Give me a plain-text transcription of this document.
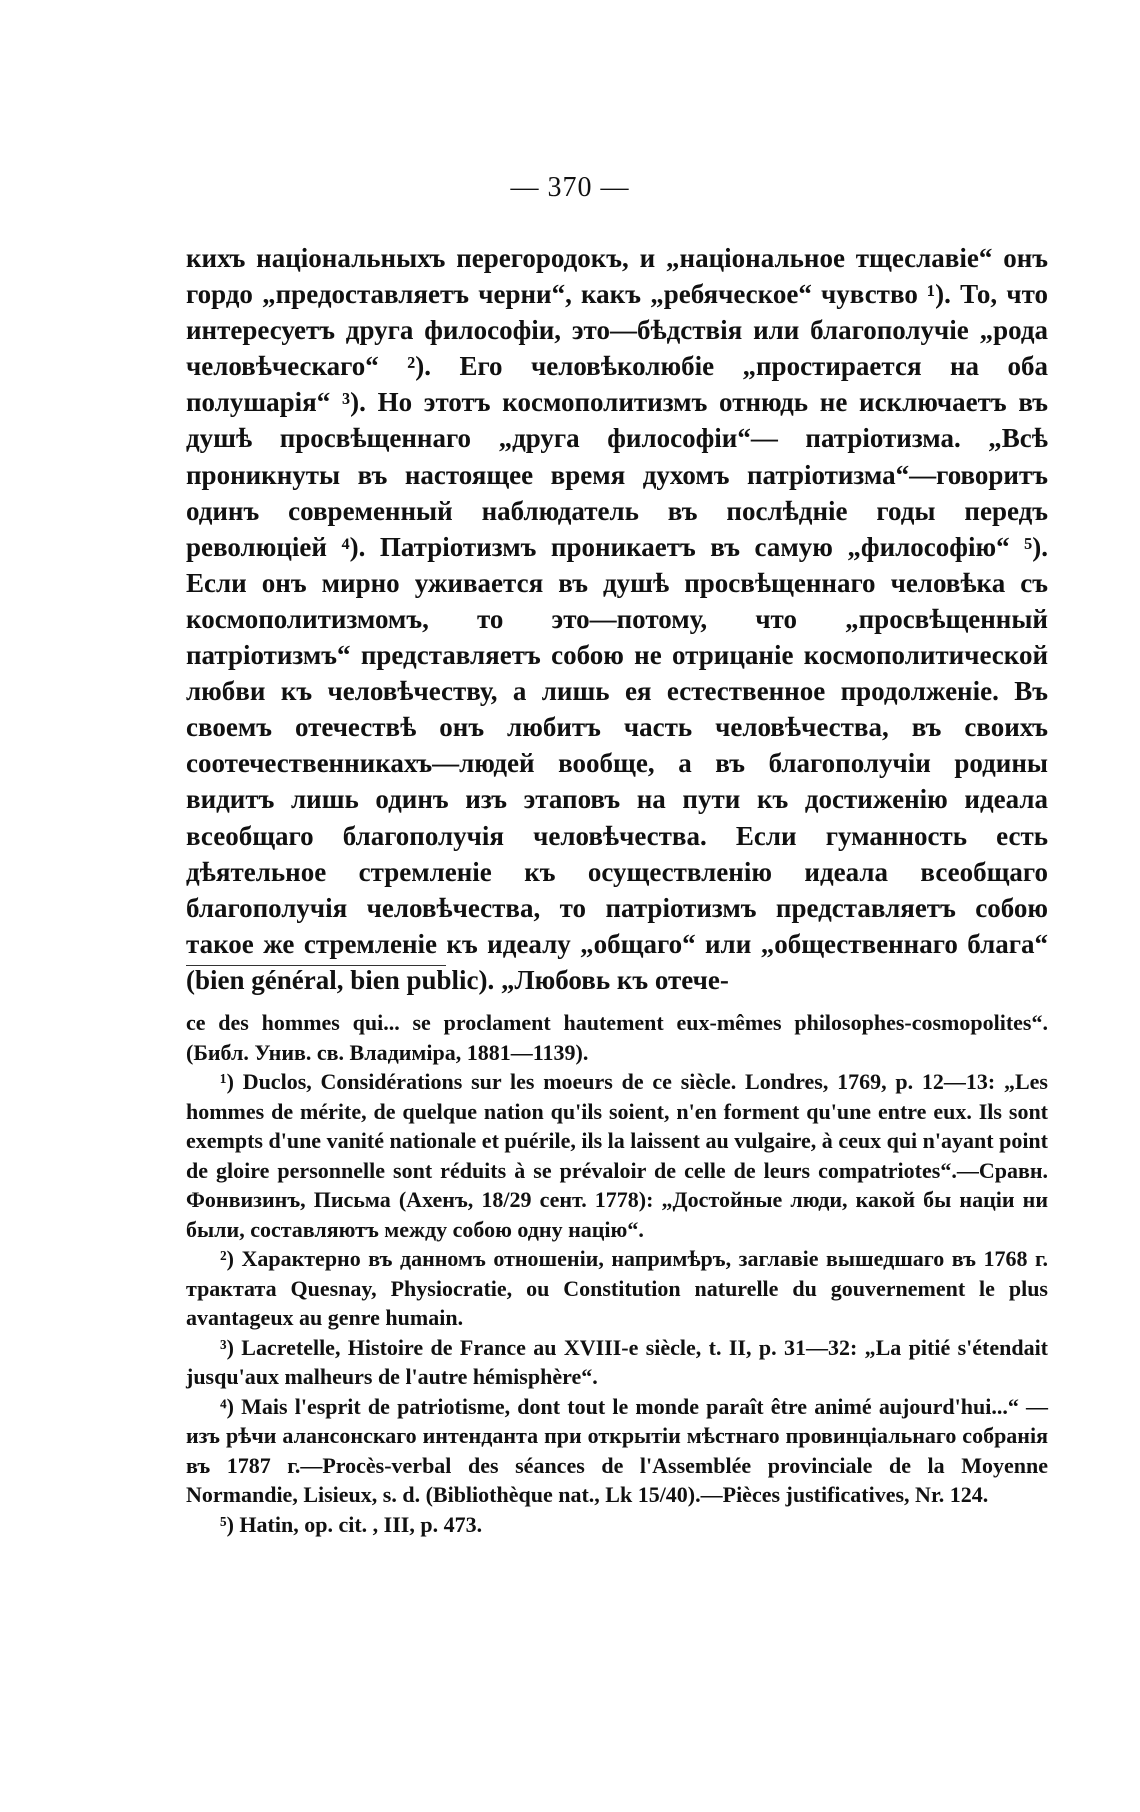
— 370 —

кихъ національныхъ перегородокъ, и „національное тщеславіе“ онъ гордо „предоставляетъ черни“, какъ „ребяческое“ чувство ¹). То, что интересуетъ друга философіи, это—бѣдствія или благополучіе „рода человѣческаго“ ²). Его человѣколюбіе „простирается на оба полушарія“ ³). Но этотъ космополитизмъ отнюдь не исключаетъ въ душѣ просвѣщеннаго „друга философіи“— патріотизма. „Всѣ проникнуты въ настоящее время духомъ патріотизма“—говоритъ одинъ современный наблюдатель въ послѣдніе годы передъ революціей ⁴). Патріотизмъ проникаетъ въ самую „философію“ ⁵). Если онъ мирно уживается въ душѣ просвѣщеннаго человѣка съ космополитизмомъ, то это—потому, что „просвѣщенный патріотизмъ“ представляетъ собою не отрицаніе космополитической любви къ человѣчеству, а лишь ея естественное продолженіе. Въ своемъ отечествѣ онъ любитъ часть человѣчества, въ своихъ соотечественникахъ—людей вообще, а въ благополучіи родины видитъ лишь одинъ изъ этаповъ на пути къ достиженію идеала всеобщаго благополучія человѣчества. Если гуманность есть дѣятельное стремленіе къ осуществленію идеала всеобщаго благополучія человѣчества, то патріотизмъ представляетъ собою такое же стремленіе къ идеалу „общаго“ или „общественнаго блага“ (bien général, bien public). „Любовь къ отече-

ce des hommes qui... se proclament hautement eux-mêmes philosophes-cosmopolites“. (Библ. Унив. св. Владиміра, 1881—1139).

¹) Duclos, Considérations sur les moeurs de ce siècle. Londres, 1769, p. 12—13: „Les hommes de mérite, de quelque nation qu'ils soient, n'en forment qu'une entre eux. Ils sont exempts d'une vanité nationale et puérile, ils la laissent au vulgaire, à ceux qui n'ayant point de gloire personnelle sont réduits à se prévaloir de celle de leurs compatriotes“.—Сравн. Фонвизинъ, Письма (Ахенъ, 18/29 сент. 1778): „Достойные люди, какой бы націи ни были, составляютъ между собою одну націю“.

²) Характерно въ данномъ отношеніи, напримѣръ, заглавіе вышедшаго въ 1768 г. трактата Quesnay, Physiocratie, ou Constitution naturelle du gouvernement le plus avantageux au genre humain.

³) Lacretelle, Histoire de France au XVIII-e siècle, t. II, p. 31—32: „La pitié s'étendait jusqu'aux malheurs de l'autre hémisphère“.

⁴) Mais l'esprit de patriotisme, dont tout le monde paraît être animé aujourd'hui...“ — изъ рѣчи алансонскаго интенданта при открытіи мѣстнаго провинціальнаго собранія въ 1787 г.—Procès-verbal des séances de l'Assemblée provinciale de la Moyenne Normandie, Lisieux, s. d. (Bibliothèque nat., Lk 15/40).—Pièces justificatives, Nr. 124.

⁵) Hatin, op. cit. , III, p. 473.
